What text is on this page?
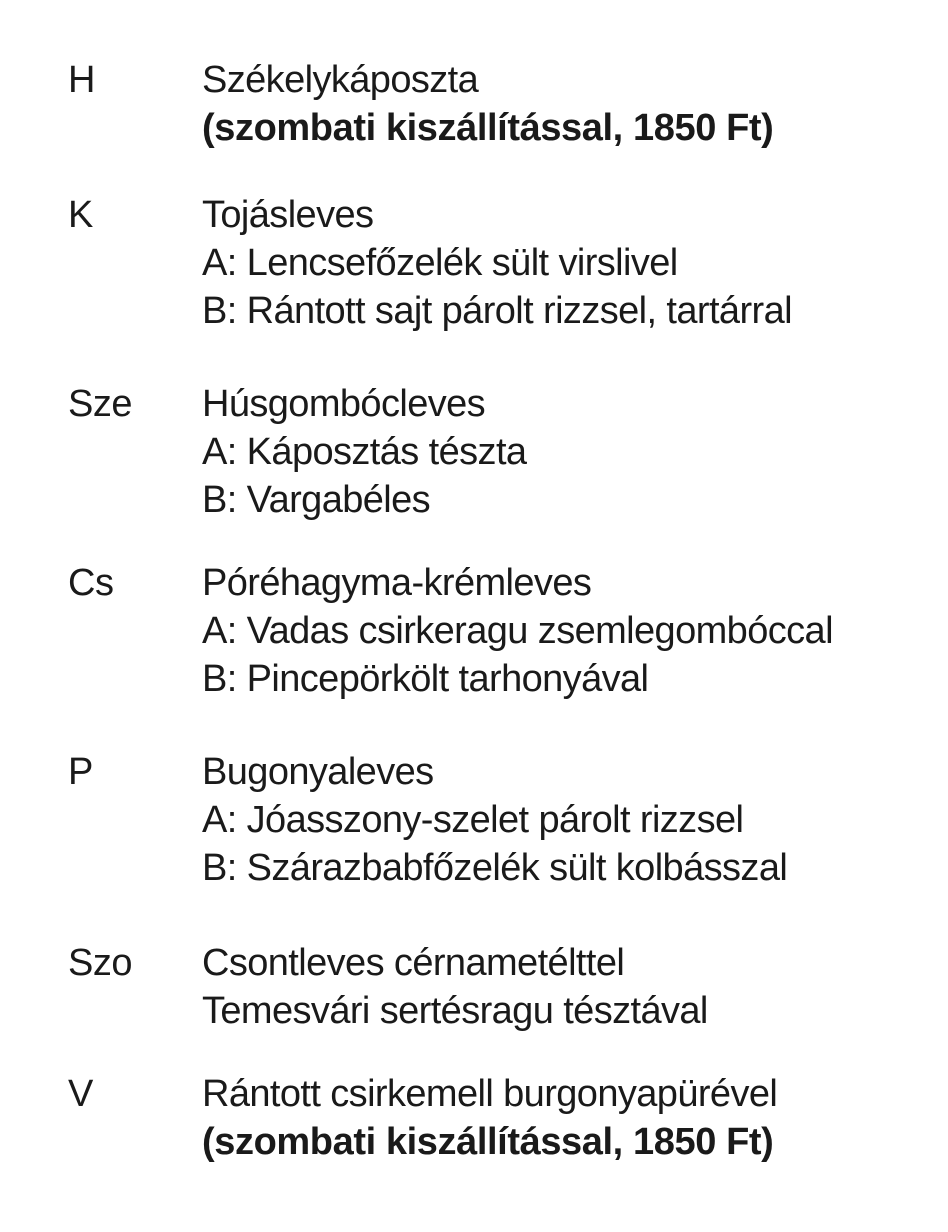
H	Székelykáposzta
(szombati kiszállítással, 1850 Ft)
K	Tojásleves
A: Lencsefőzelék sült virslivel
B: Rántott sajt párolt rizzsel, tartárral
Sze Húsgombócleves
A: Káposztás tészta
B: Vargabéles
Cs Póréhagyma-krémleves
A: Vadas csirkeragu zsemlegombóccal
B: Pincepörkölt tarhonyával
P	Bugonyaleves
A: Jóasszony-szelet párolt rizzsel
B: Szárazbabfőzelék sült kolbásszal
Szo Csontleves cérnametélttel
Temesvári sertésragu tésztával
V	Rántott csirkemell burgonyapürével
(szombati kiszállítással, 1850 Ft)
